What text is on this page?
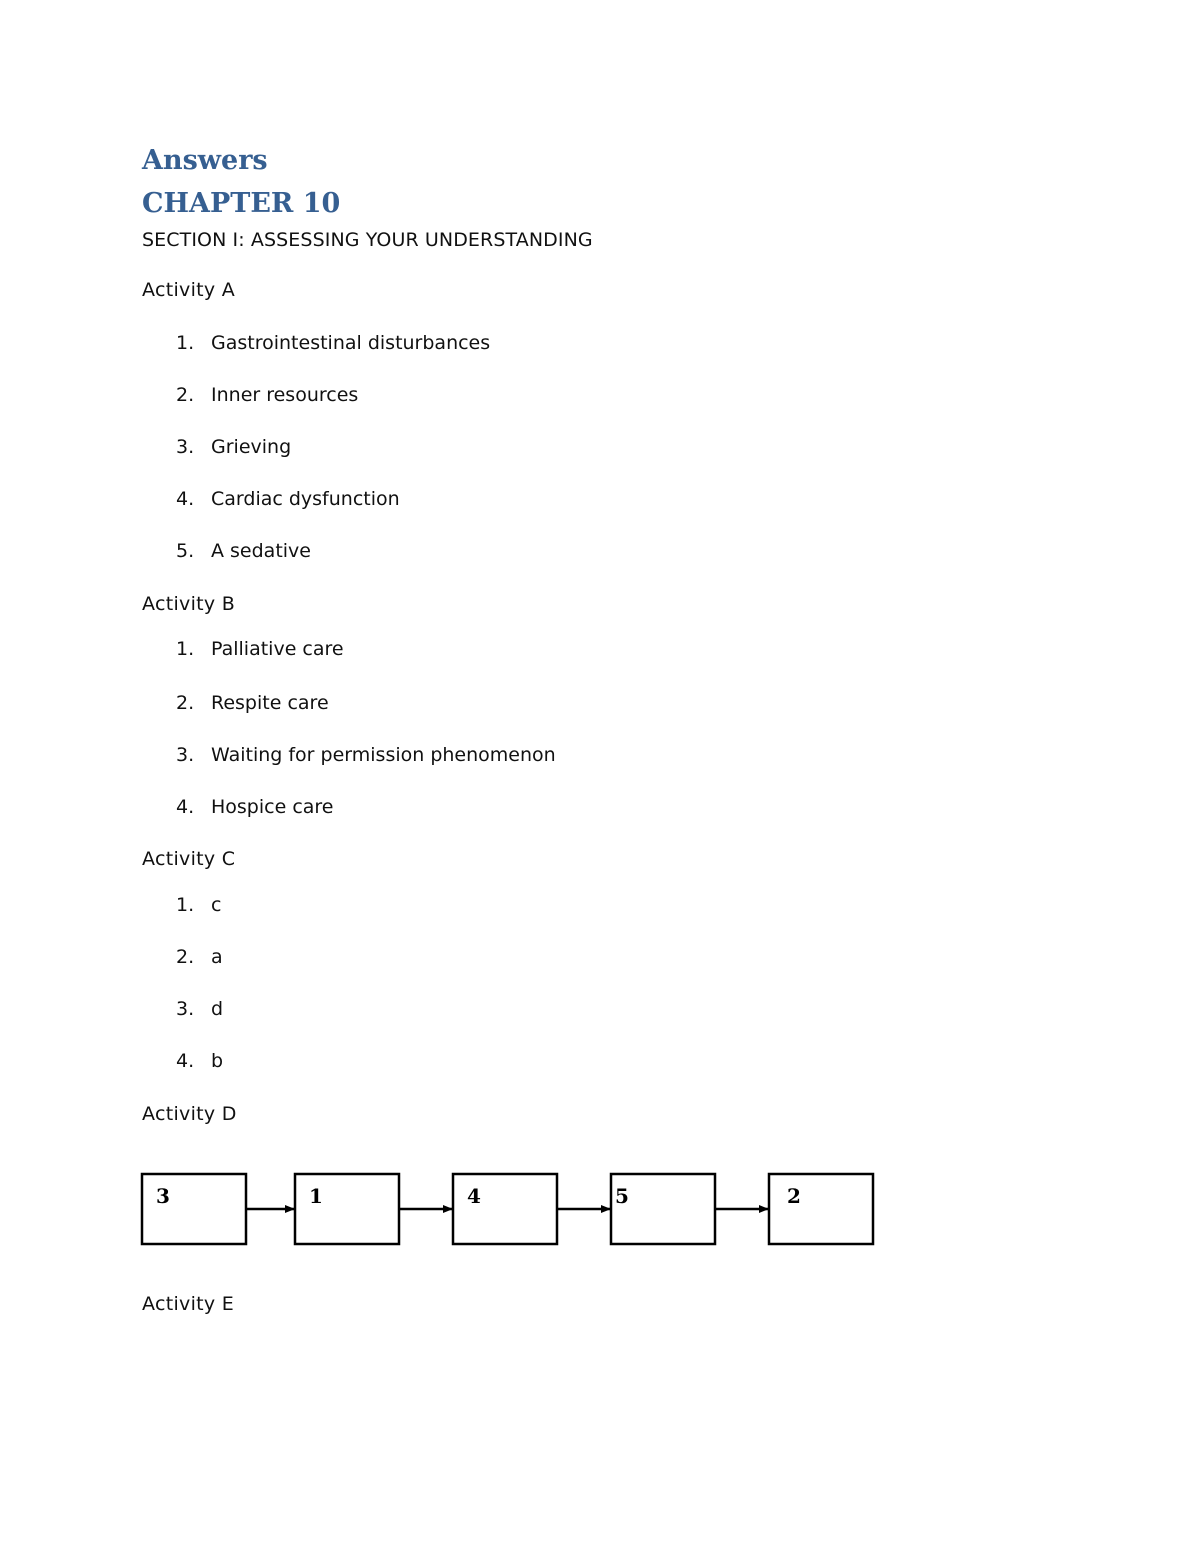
Answers
CHAPTER 10
SECTION I: ASSESSING YOUR UNDERSTANDING
Activity A
1. Gastrointestinal disturbances
2. Inner resources
3. Grieving
4. Cardiac dysfunction
5. A sedative
Activity B
1. Palliative care
2. Respite care
3. Waiting for permission phenomenon
4. Hospice care
Activity C
1. c
2. a
3. d
4. b
Activity D
Activity E
3	1	4	5	2
